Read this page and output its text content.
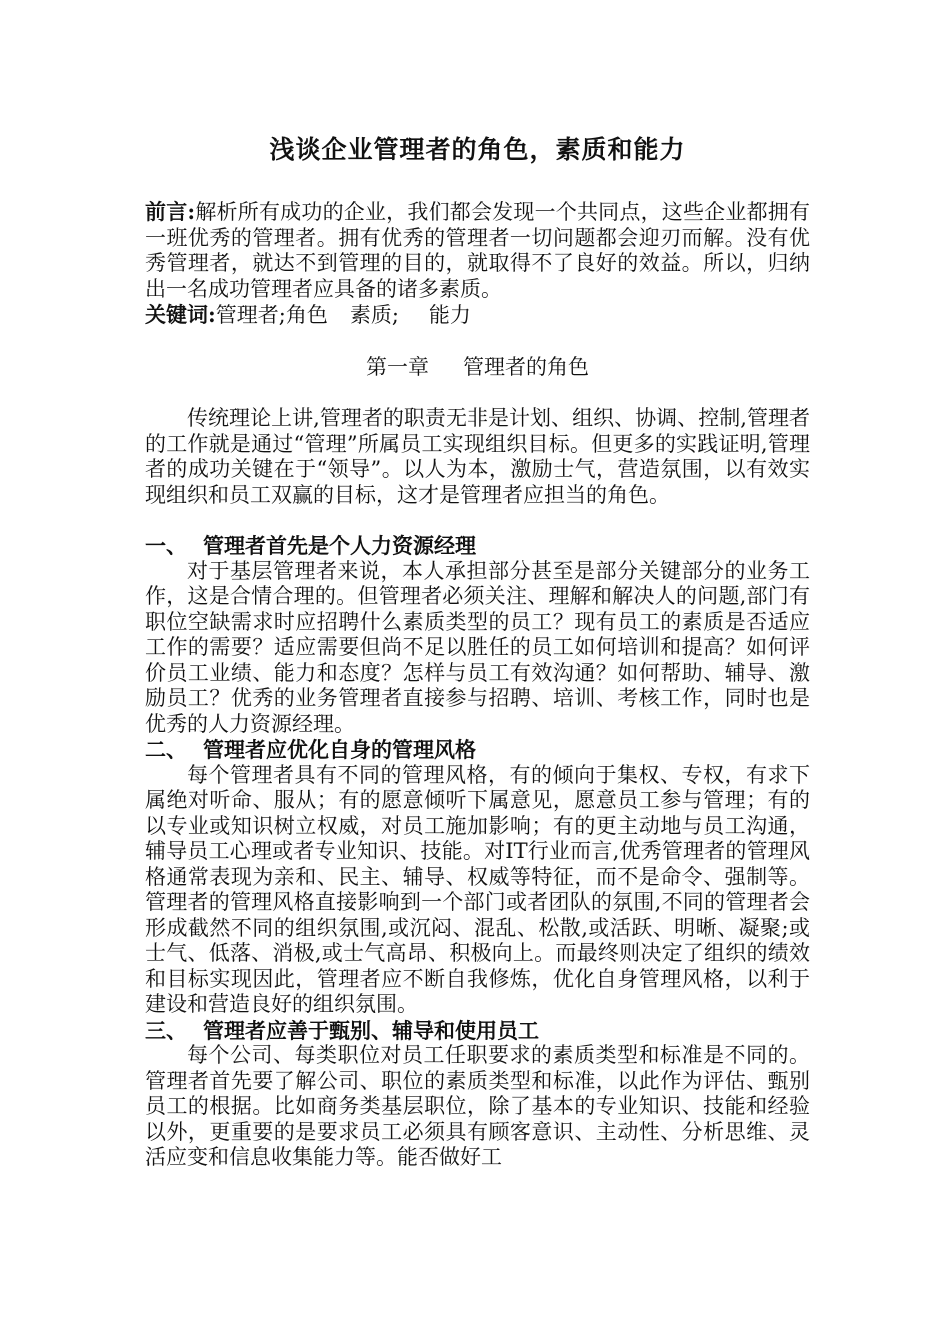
浅谈企业管理者的角色，素质和能力

前言:解析所有成功的企业，我们都会发现一个共同点，这些企业都拥有一班优秀的管理者。拥有优秀的管理者一切问题都会迎刃而解。没有优秀管理者，就达不到管理的目的，就取得不了良好的效益。所以，归纳出一名成功管理者应具备的诸多素质。

关键词:管理者;角色 素质; 能力

第一章 管理者的角色

传统理论上讲,管理者的职责无非是计划、组织、协调、控制,管理者的工作就是通过“管理”所属员工实现组织目标。但更多的实践证明,管理者的成功关键在于“领导”。以人为本，激励士气，营造氛围，以有效实现组织和员工双赢的目标，这才是管理者应担当的角色。

一、 管理者首先是个人力资源经理

对于基层管理者来说，本人承担部分甚至是部分关键部分的业务工作，这是合情合理的。但管理者必须关注、理解和解决人的问题,部门有职位空缺需求时应招聘什么素质类型的员工？现有员工的素质是否适应工作的需要？适应需要但尚不足以胜任的员工如何培训和提高？如何评价员工业绩、能力和态度？怎样与员工有效沟通？如何帮助、辅导、激励员工？优秀的业务管理者直接参与招聘、培训、考核工作，同时也是优秀的人力资源经理。

二、 管理者应优化自身的管理风格

每个管理者具有不同的管理风格，有的倾向于集权、专权，有求下属绝对听命、服从；有的愿意倾听下属意见，愿意员工参与管理；有的以专业或知识树立权威，对员工施加影响；有的更主动地与员工沟通，辅导员工心理或者专业知识、技能。对IT行业而言,优秀管理者的管理风格通常表现为亲和、民主、辅导、权威等特征，而不是命令、强制等。管理者的管理风格直接影响到一个部门或者团队的氛围,不同的管理者会形成截然不同的组织氛围,或沉闷、混乱、松散,或活跃、明晰、凝聚;或士气、低落、消极,或士气高昂、积极向上。而最终则决定了组织的绩效和目标实现因此，管理者应不断自我修炼，优化自身管理风格，以利于建设和营造良好的组织氛围。

三、 管理者应善于甄别、辅导和使用员工

每个公司、每类职位对员工任职要求的素质类型和标准是不同的。管理者首先要了解公司、职位的素质类型和标准，以此作为评估、甄别员工的根据。比如商务类基层职位，除了基本的专业知识、技能和经验以外，更重要的是要求员工必须具有顾客意识、主动性、分析思维、灵活应变和信息收集能力等。能否做好工
